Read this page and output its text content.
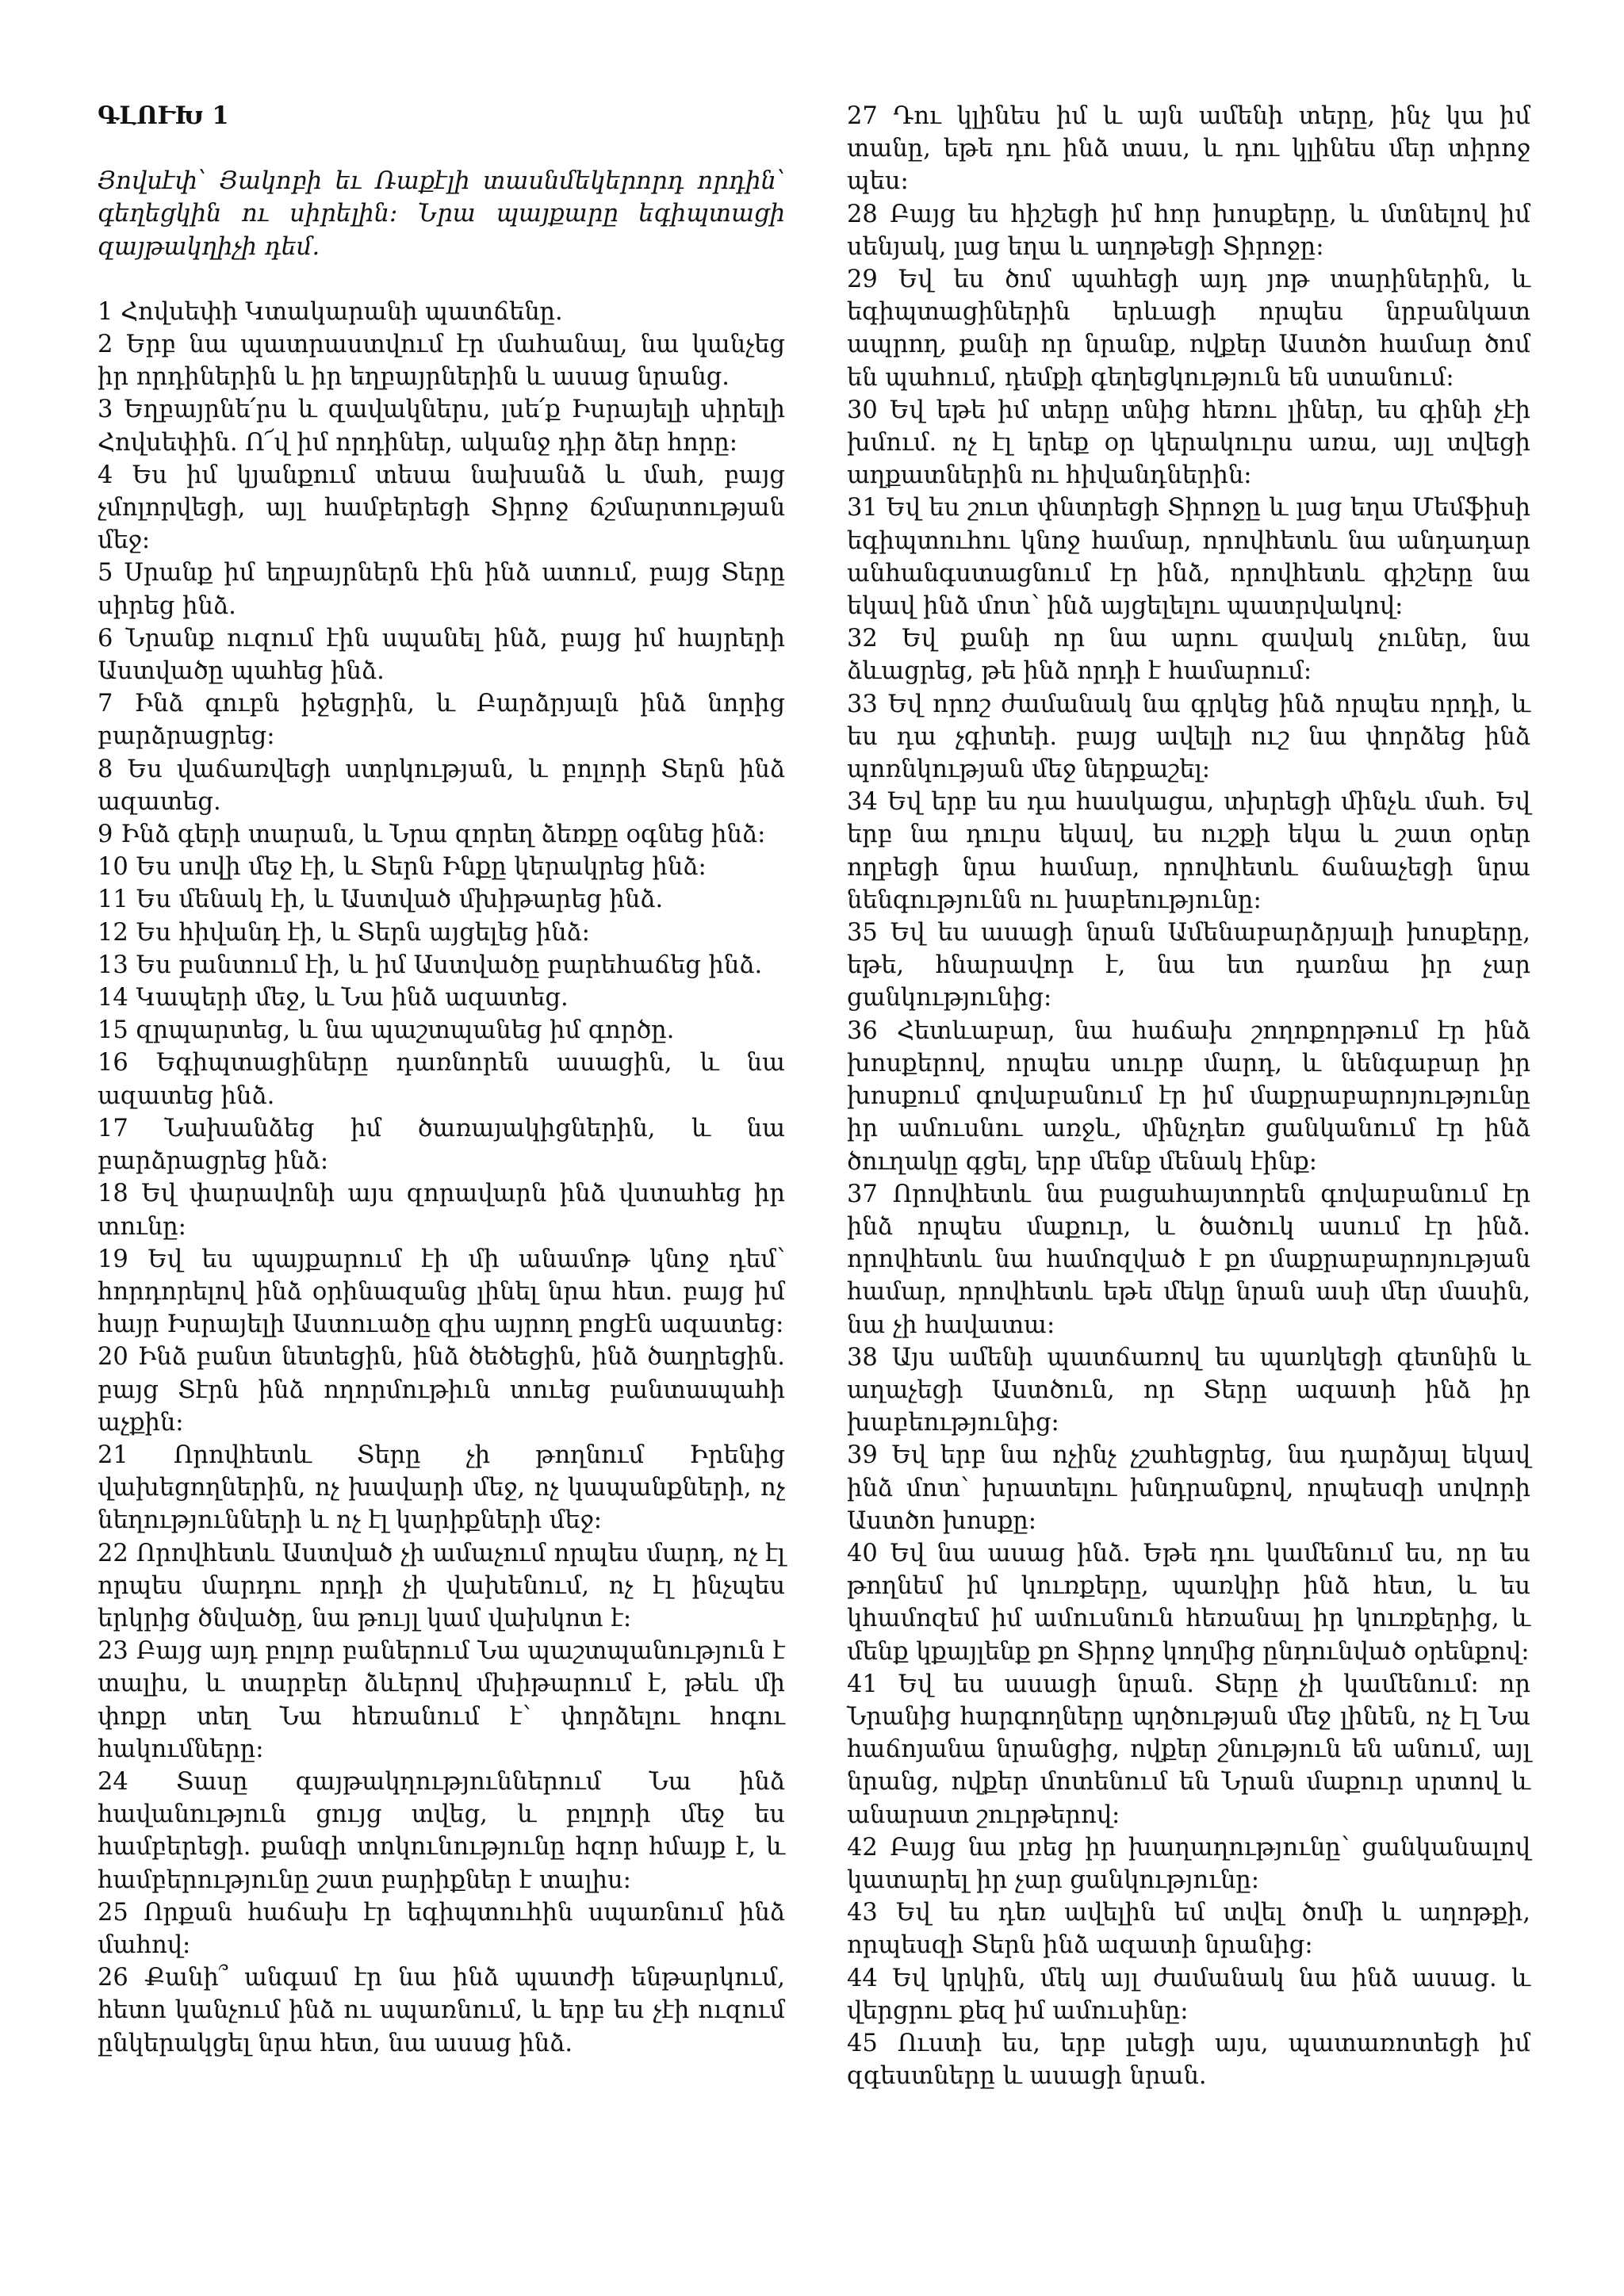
ԳԼՈՒԽ 1
Յովսէփ՝ Յակոբի եւ Ռաքէլի տասնմեկերորդ որդին՝ գեղեցկին ու սիրելին: Նրա պայքարը եգիպտացի զայթակղիչի դեմ.

1 Հովսեփի Կտակարանի պատճենը.

2 Երբ նա պատրաստվում էր մահանալ, նա կանչեց իր որդիներին և իր եղբայրներին և ասաց նրանց.

3 Եղբայրնե՛րս և զավակներս, լսե՛ք Իսրայելի սիրելի Հովսեփին. Ո՜վ իմ որդիներ, ականջ դիր ձեր հորը:

4 Ես իմ կյանքում տեսա նախանձ և մահ, բայց չմոլորվեցի, այլ համբերեցի Տիրոջ ճշմարտության մեջ:

5 Սրանք իմ եղբայրներն էին ինձ ատում, բայց Տերը սիրեց ինձ.

6 Նրանք ուզում էին սպանել ինձ, բայց իմ հայրերի Աստվածը պահեց ինձ.

7 Ինձ գուբն իջեցրին, և Բարձրյալն ինձ նորից բարձրացրեց:

8 Ես վաճառվեցի ստրկության, և բոլորի Տերն ինձ ազատեց.

9 Ինձ գերի տարան, և Նրա զորեղ ձեռքը օգնեց ինձ:

10 Ես սովի մեջ էի, և Տերն Ինքը կերակրեց ինձ:

11 Ես մենակ էի, և Աստված մխիթարեց ինձ.

12 Ես հիվանդ էի, և Տերն այցելեց ինձ:

13 Ես բանտում էի, և իմ Աստվածը բարեհաճեց ինձ.

14 Կապերի մեջ, և Նա ինձ ազատեց.

15 զրպարտեց, և նա պաշտպանեց իմ գործը.

16 Եգիպտացիները դառնորեն ասացին, և նա ազատեց ինձ.

17 Նախանձեց իմ ծառայակիցներին, և նա բարձրացրեց ինձ:

18 Եվ փարավոնի այս զորավարն ինձ վստահեց իր տունը:

19 Եվ ես պայքարում էի մի անամոթ կնոջ դեմ՝ հորդորելով ինձ օրինազանց լինել նրա հետ. բայց իմ հայր Իսրայելի Աստուածը զիս այրող բոցէն ազատեց:

20 Ինձ բանտ նետեցին, ինձ ծեծեցին, ինձ ծաղրեցին. բայց Տէրն ինձ ողորմութիւն տուեց բանտապահի աչքին:

21 Որովհետև Տերը չի թողնում Իրենից վախեցողներին, ոչ խավարի մեջ, ոչ կապանքների, ոչ նեղությունների և ոչ էլ կարիքների մեջ:

22 Որովհետև Աստված չի ամաչում որպես մարդ, ոչ էլ որպես մարդու որդի չի վախենում, ոչ էլ ինչպես երկրից ծնվածը, նա թույլ կամ վախկոտ է:

23 Բայց այդ բոլոր բաներում Նա պաշտպանություն է տալիս, և տարբեր ձևերով մխիթարում է, թեև մի փոքր տեղ Նա հեռանում է՝ փորձելու հոգու հակումները:

24 Տասը գայթակղություններում Նա ինձ հավանություն ցույց տվեց, և բոլորի մեջ ես համբերեցի. քանզի տոկունությունը հզոր հմայք է, և համբերությունը շատ բարիքներ է տալիս:

25 Որքան հաճախ էր եգիպտուհին սպառնում ինձ մահով:

26 Քանի՞ անգամ էր նա ինձ պատժի ենթարկում, հետո կանչում ինձ ու սպառնում, և երբ ես չէի ուզում ընկերակցել նրա հետ, նա ասաց ինձ.

27 Դու կլինես իմ և այն ամենի տերը, ինչ կա իմ տանը, եթե դու ինձ տաս, և դու կլինես մեր տիրոջ պես:

28 Բայց ես հիշեցի իմ հոր խոսքերը, և մտնելով իմ սենյակ, լաց եղա և աղոթեցի Տիրոջը:

29 Եվ ես ծոմ պահեցի այդ յոթ տարիներին, և եգիպտացիներին երևացի որպես նրբանկատ ապրող, քանի որ նրանք, ովքեր Աստծո համար ծոմ են պահում, դեմքի գեղեցկություն են ստանում:

30 Եվ եթե իմ տերը տնից հեռու լիներ, ես գինի չէի խմում. ոչ էլ երեք օր կերակուրս առա, այլ տվեցի աղքատներին ու հիվանդներին:

31 Եվ ես շուտ փնտրեցի Տիրոջը և լաց եղա Մեմֆիսի եգիպտուհու կնոջ համար, որովհետև նա անդադար անհանգստացնում էր ինձ, որովհետև գիշերը նա եկավ ինձ մոտ՝ ինձ այցելելու պատրվակով:

32 Եվ քանի որ նա արու զավակ չուներ, նա ձևացրեց, թե ինձ որդի է համարում:

33 Եվ որոշ ժամանակ նա գրկեց ինձ որպես որդի, և ես դա չգիտեի. բայց ավելի ուշ նա փորձեց ինձ պոռնկության մեջ ներքաշել:

34 Եվ երբ ես դա հասկացա, տխրեցի մինչև մահ. Եվ երբ նա դուրս եկավ, ես ուշքի եկա և շատ օրեր ողբեցի նրա համար, որովհետև ճանաչեցի նրա նենգությունն ու խաբեությունը:

35 Եվ ես ասացի նրան Ամենաբարձրյալի խոսքերը, եթե, հնարավոր է, նա ետ դառնա իր չար ցանկությունից:

36 Հետևաբար, նա հաճախ շողոքորթում էր ինձ խոսքերով, որպես սուրբ մարդ, և նենգաբար իր խոսքում գովաբանում էր իմ մաքրաբարոյությունը իր ամուսնու առջև, մինչդեռ ցանկանում էր ինձ ծուղակը գցել, երբ մենք մենակ էինք:

37 Որովհետև նա բացահայտորեն գովաբանում էր ինձ որպես մաքուր, և ծածուկ ասում էր ինձ. որովհետև նա համոզված է քո մաքրաբարոյության համար, որովհետև եթե մեկը նրան ասի մեր մասին, նա չի հավատա:

38 Այս ամենի պատճառով ես պառկեցի գետնին և աղաչեցի Աստծուն, որ Տերը ազատի ինձ իր խաբեությունից:

39 Եվ երբ նա ոչինչ չշահեցրեց, նա դարձյալ եկավ ինձ մոտ՝ խրատելու խնդրանքով, որպեսզի սովորի Աստծո խոսքը:

40 Եվ նա ասաց ինձ. Եթե դու կամենում ես, որ ես թողնեմ իմ կուռքերը, պառկիր ինձ հետ, և ես կհամոզեմ իմ ամուսնուն հեռանալ իր կուռքերից, և մենք կքայլենք քո Տիրոջ կողմից ընդունված օրենքով:

41 Եվ ես ասացի նրան. Տերը չի կամենում: որ Նրանից հարգողները պղծության մեջ լինեն, ոչ էլ Նա հաճոյանա նրանցից, ովքեր շնություն են անում, այլ նրանց, ովքեր մոտենում են Նրան մաքուր սրտով և անարատ շուրթերով:

42 Բայց նա լռեց իր խաղաղությունը՝ ցանկանալով կատարել իր չար ցանկությունը:

43 Եվ ես դեռ ավելին եմ տվել ծոմի և աղոթքի, որպեսզի Տերն ինձ ազատի նրանից:

44 Եվ կրկին, մեկ այլ ժամանակ նա ինձ ասաց. և վերցրու քեզ իմ ամուսինը:

45 Ուստի ես, երբ լսեցի այս, պատառոտեցի իմ զգեստները և ասացի նրան.
